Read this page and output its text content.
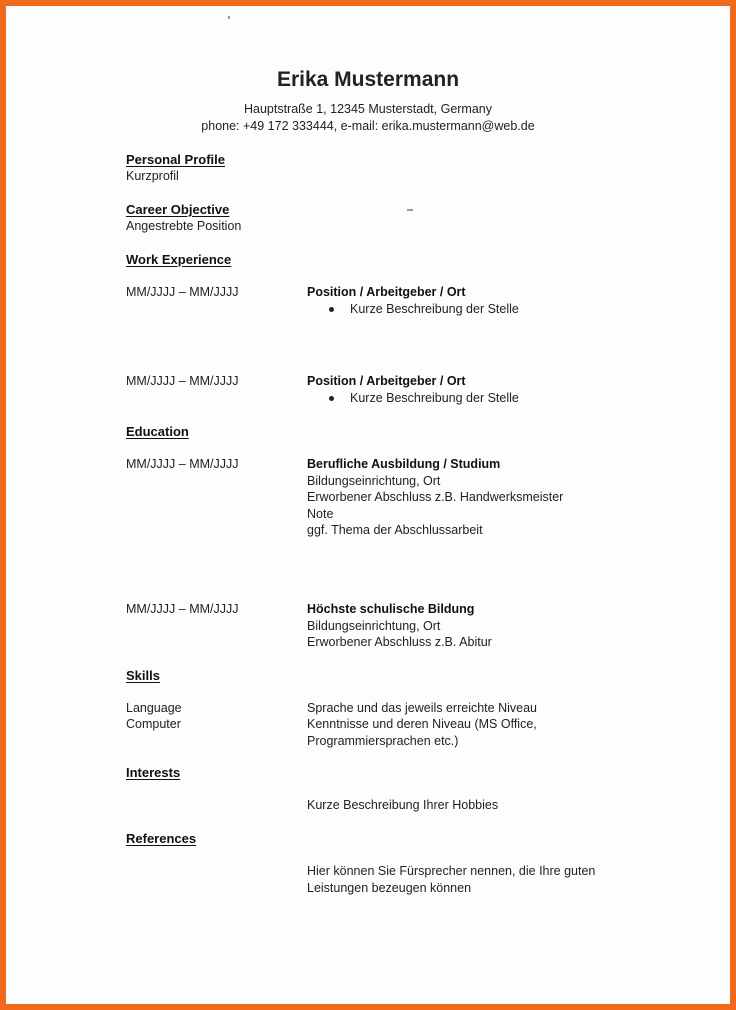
Erika Mustermann
Hauptstraße 1, 12345 Musterstadt, Germany
phone: +49 172 333444, e-mail: erika.mustermann@web.de
Personal Profile
Kurzprofil
Career Objective
Angestrebte Position
Work Experience
MM/JJJJ – MM/JJJJ	Position / Arbeitgeber / Ort
Kurze Beschreibung der Stelle
MM/JJJJ – MM/JJJJ	Position / Arbeitgeber / Ort
Kurze Beschreibung der Stelle
Education
MM/JJJJ – MM/JJJJ	Berufliche Ausbildung / Studium
Bildungseinrichtung, Ort
Erworbener Abschluss z.B. Handwerksmeister
Note
ggf. Thema der Abschlussarbeit
MM/JJJJ – MM/JJJJ	Höchste schulische Bildung
Bildungseinrichtung, Ort
Erworbener Abschluss z.B. Abitur
Skills
Language	Sprache und das jeweils erreichte Niveau
Computer	Kenntnisse und deren Niveau (MS Office, Programmiersprachen etc.)
Interests
Kurze Beschreibung Ihrer Hobbies
References
Hier können Sie Fürsprecher nennen, die Ihre guten Leistungen bezeugen können
